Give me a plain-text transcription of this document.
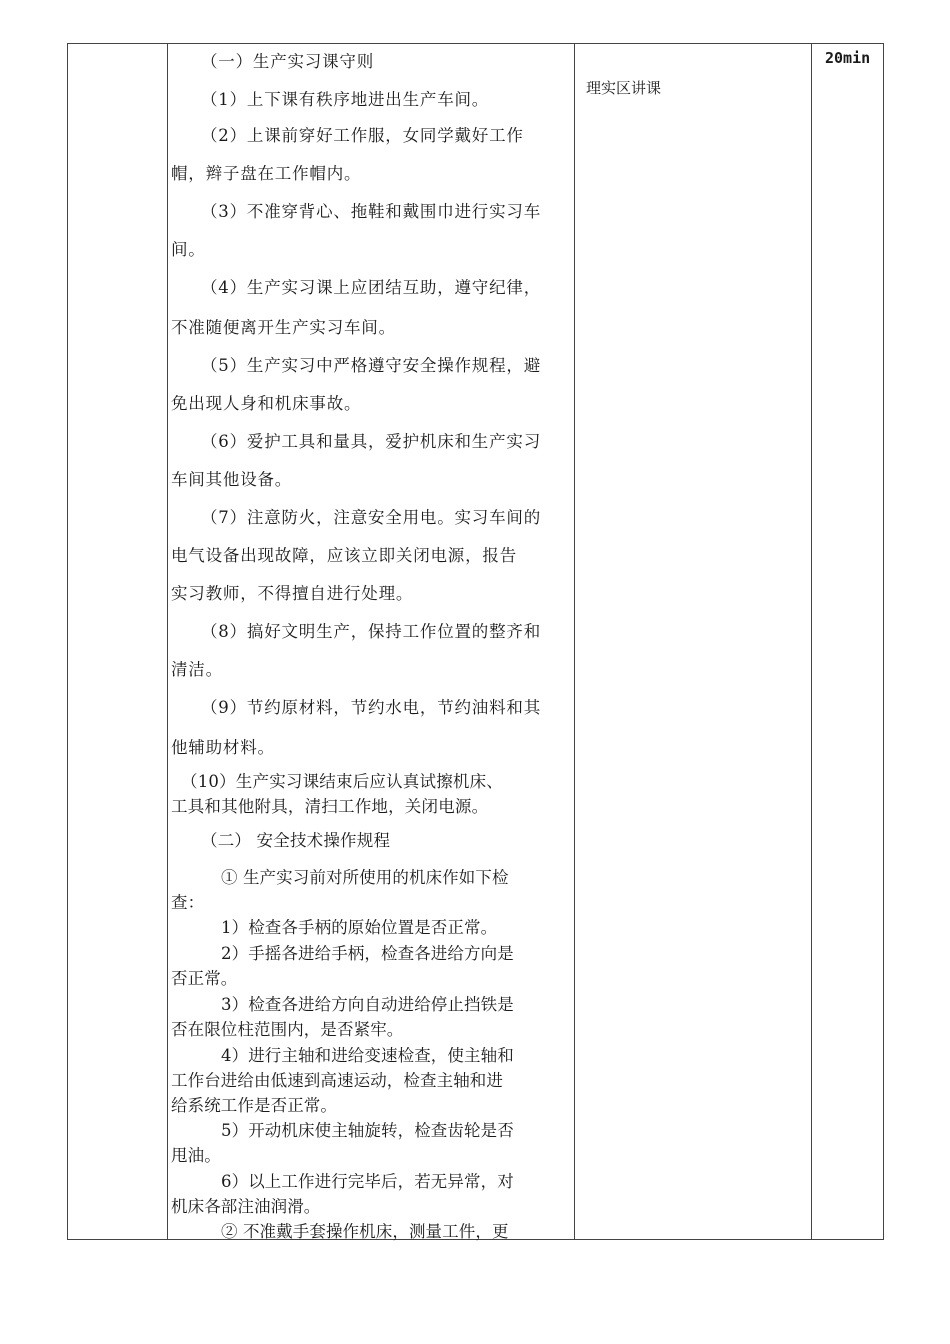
（一）生产实习课守则

（1）上下课有秩序地进出生产车间。

（2）上课前穿好工作服，女同学戴好工作

帽，辫子盘在工作帽内。

（3）不准穿背心、拖鞋和戴围巾进行实习车

间。

（4）生产实习课上应团结互助，遵守纪律，

不准随便离开生产实习车间。

（5）生产实习中严格遵守安全操作规程，避

免出现人身和机床事故。

（6）爱护工具和量具，爱护机床和生产实习

车间其他设备。

（7）注意防火，注意安全用电。实习车间的

电气设备出现故障，应该立即关闭电源，报告

实习教师，不得擅自进行处理。

（8）搞好文明生产，保持工作位置的整齐和

清洁。

（9）节约原材料，节约水电，节约油料和其

他辅助材料。

（10）生产实习课结束后应认真试擦机床、

工具和其他附具，清扫工作地，关闭电源。

（二） 安全技术操作规程

① 生产实习前对所使用的机床作如下检

查：

1）检查各手柄的原始位置是否正常。

2）手摇各进给手柄，检查各进给方向是

否正常。

3）检查各进给方向自动进给停止挡铁是

否在限位柱范围内，是否紧牢。

4）进行主轴和进给变速检查，使主轴和

工作台进给由低速到高速运动，检查主轴和进

给系统工作是否正常。

5）开动机床使主轴旋转，检查齿轮是否

甩油。

6）以上工作进行完毕后，若无异常，对

机床各部注油润滑。

② 不准戴手套操作机床，测量工件，更

理实区讲课
20min
